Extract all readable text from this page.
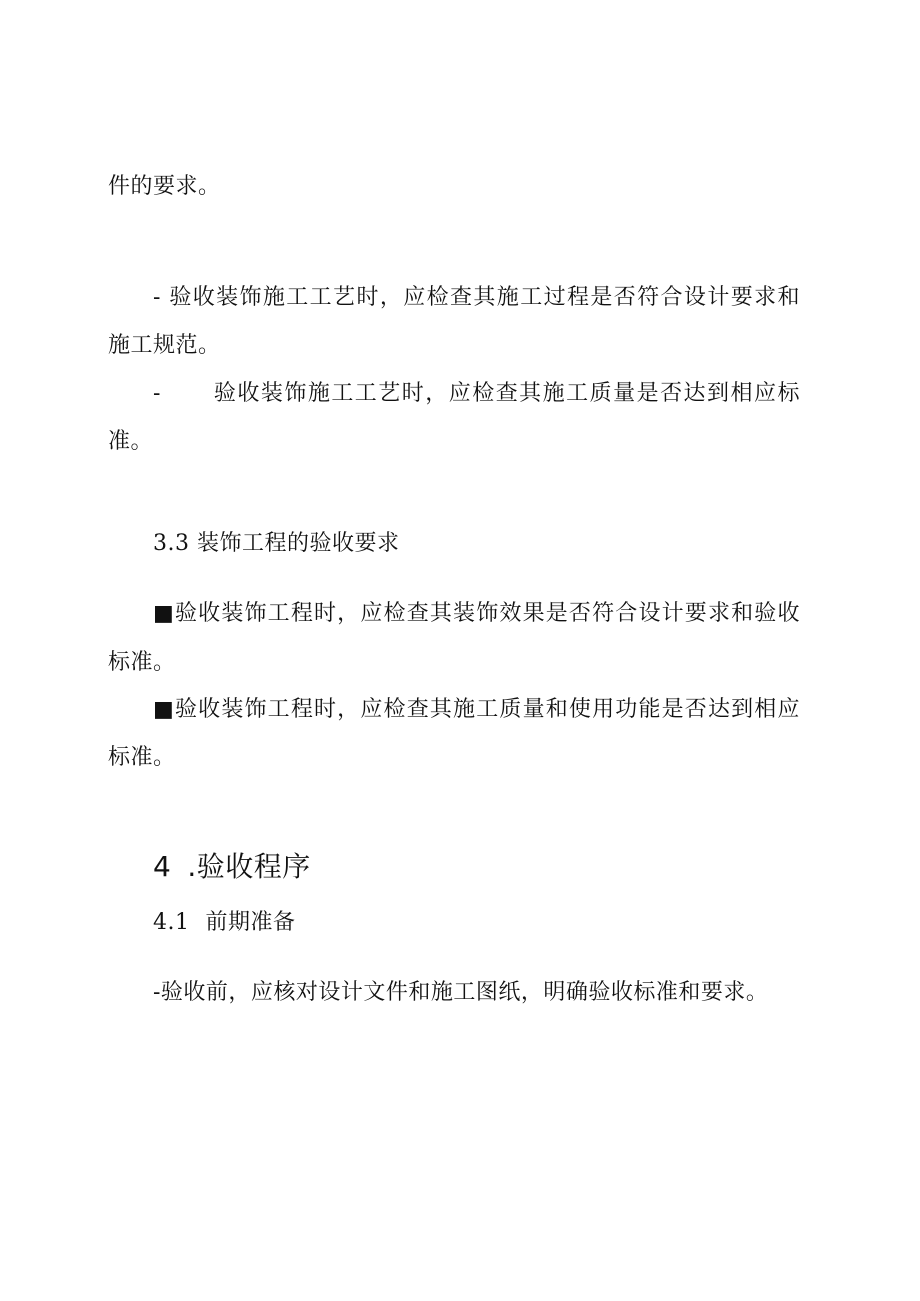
件的要求。
- 验收装饰施工工艺时，应检查其施工过程是否符合设计要求和
施工规范。
- 验收装饰施工工艺时，应检查其施工质量是否达到相应标
准。
3.3 装饰工程的验收要求
■验收装饰工程时，应检查其装饰效果是否符合设计要求和验收
标准。
■验收装饰工程时，应检查其施工质量和使用功能是否达到相应
标准。
4 .验收程序
4.1 前期准备
-验收前，应核对设计文件和施工图纸，明确验收标准和要求。
